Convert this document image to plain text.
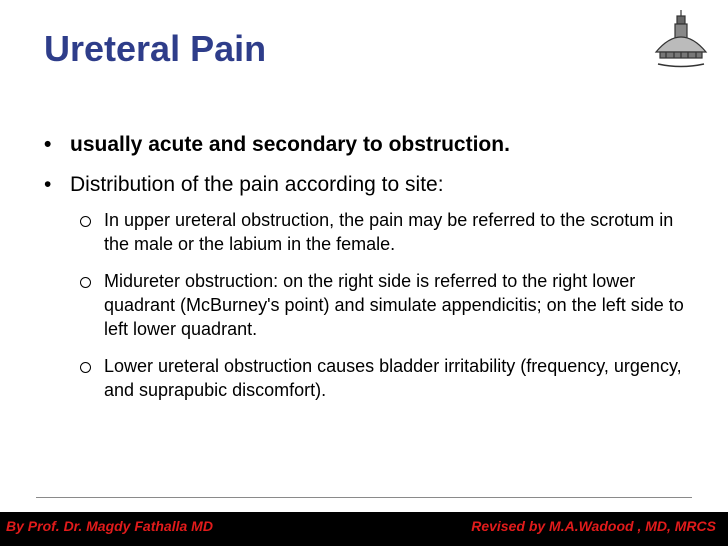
Ureteral Pain
• usually acute and secondary to obstruction.
• Distribution of the pain according to site:
In upper ureteral obstruction, the pain may be referred to the scrotum in the male or the labium in the female.
Midureter obstruction: on the right side is referred to the right lower quadrant (McBurney's point) and simulate appendicitis; on the left side to left lower quadrant.
Lower ureteral obstruction causes bladder irritability (frequency, urgency, and suprapubic discomfort).
By Prof. Dr. Magdy Fathalla MD	Revised by M.A.Wadood , MD, MRCS
